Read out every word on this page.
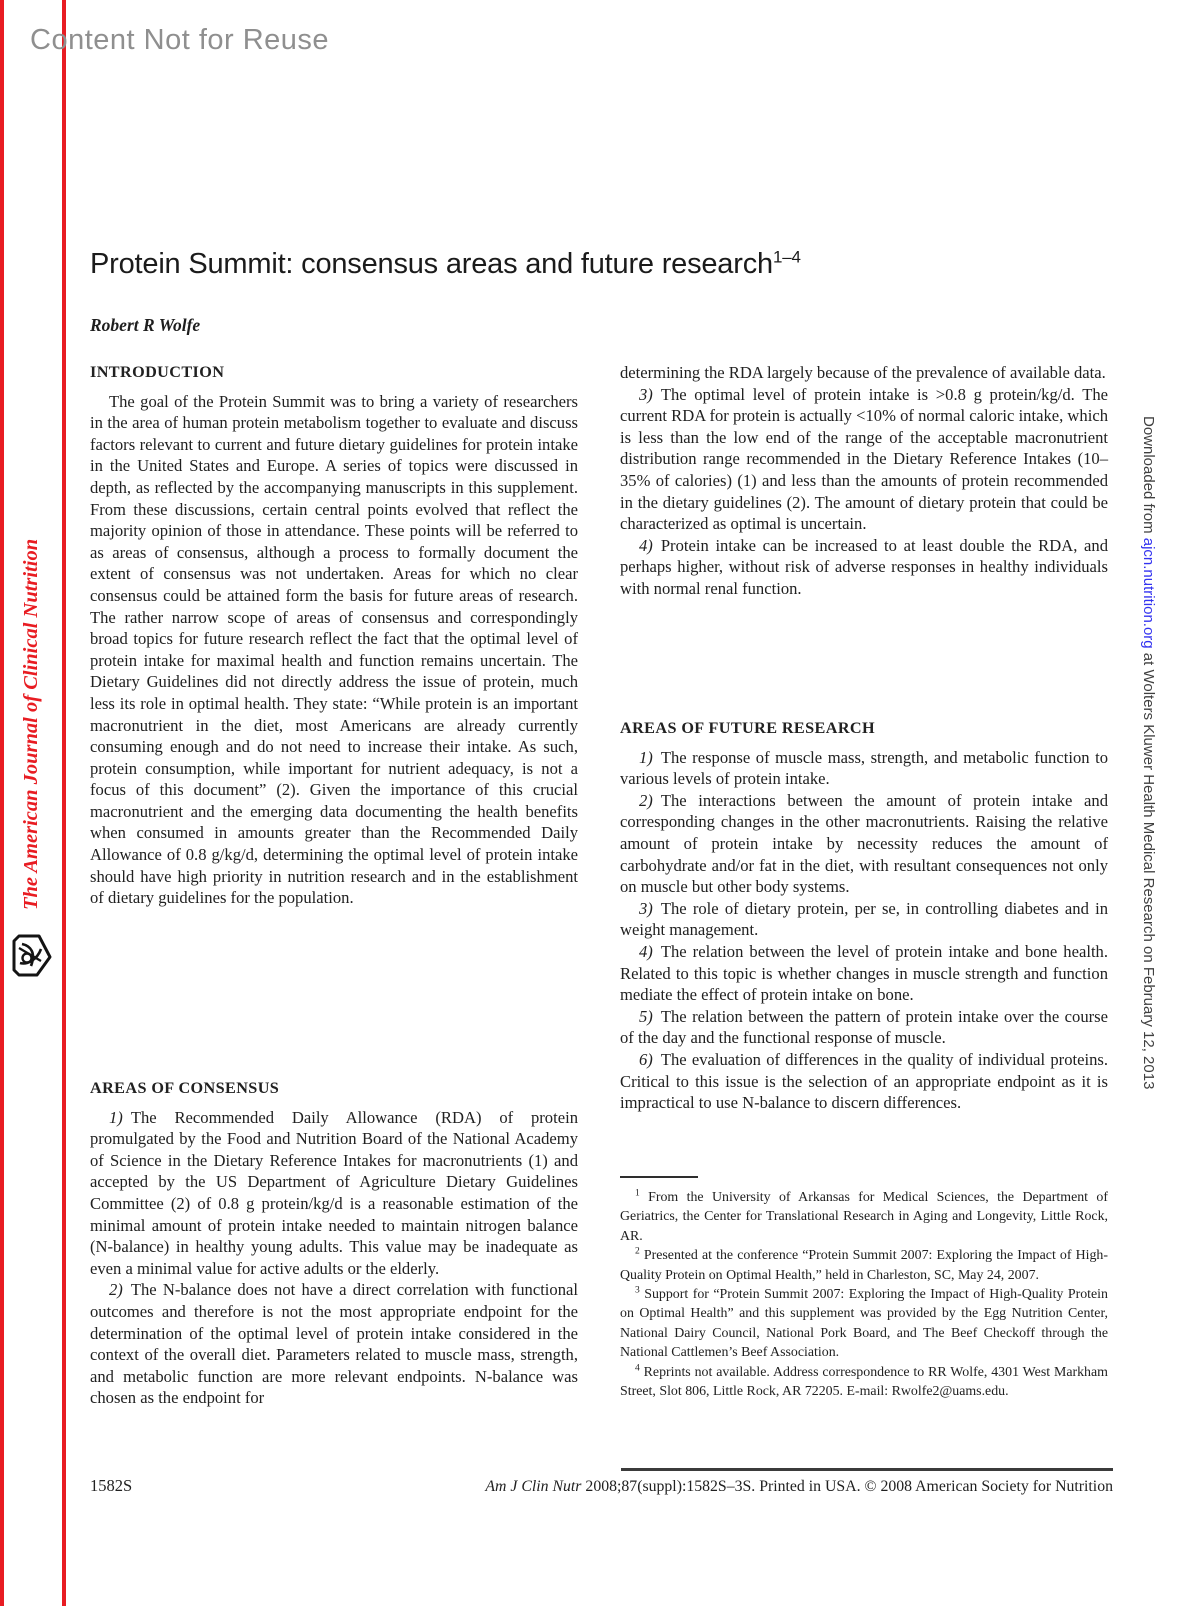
Content Not for Reuse
The American Journal of Clinical Nutrition
Downloaded from ajcn.nutrition.org at Wolters Kluwer Health Medical Research on February 12, 2013
Protein Summit: consensus areas and future research$^{1-4}$
Robert R Wolfe
INTRODUCTION

The goal of the Protein Summit was to bring a variety of researchers in the area of human protein metabolism together to evaluate and discuss factors relevant to current and future dietary guidelines for protein intake in the United States and Europe. A series of topics were discussed in depth, as reflected by the accompanying manuscripts in this supplement. From these discussions, certain central points evolved that reflect the majority opinion of those in attendance. These points will be referred to as areas of consensus, although a process to formally document the extent of consensus was not undertaken. Areas for which no clear consensus could be attained form the basis for future areas of research. The rather narrow scope of areas of consensus and correspondingly broad topics for future research reflect the fact that the optimal level of protein intake for maximal health and function remains uncertain. The Dietary Guidelines did not directly address the issue of protein, much less its role in optimal health. They state: “While protein is an important macronutrient in the diet, most Americans are already currently consuming enough and do not need to increase their intake. As such, protein consumption, while important for nutrient adequacy, is not a focus of this document” (2). Given the importance of this crucial macronutrient and the emerging data documenting the health benefits when consumed in amounts greater than the Recommended Daily Allowance of 0.8 g/kg/d, determining the optimal level of protein intake should have high priority in nutrition research and in the establishment of dietary guidelines for the population.

AREAS OF CONSENSUS

1) The Recommended Daily Allowance (RDA) of protein promulgated by the Food and Nutrition Board of the National Academy of Science in the Dietary Reference Intakes for macronutrients (1) and accepted by the US Department of Agriculture Dietary Guidelines Committee (2) of 0.8 g protein/kg/d is a reasonable estimation of the minimal amount of protein intake needed to maintain nitrogen balance (N-balance) in healthy young adults. This value may be inadequate as even a minimal value for active adults or the elderly.

2) The N-balance does not have a direct correlation with functional outcomes and therefore is not the most appropriate endpoint for the determination of the optimal level of protein intake considered in the context of the overall diet. Parameters related to muscle mass, strength, and metabolic function are more relevant endpoints. N-balance was chosen as the endpoint for

determining the RDA largely because of the prevalence of available data.

3) The optimal level of protein intake is >0.8 g protein/kg/d. The current RDA for protein is actually <10% of normal caloric intake, which is less than the low end of the range of the acceptable macronutrient distribution range recommended in the Dietary Reference Intakes (10–35% of calories) (1) and less than the amounts of protein recommended in the dietary guidelines (2). The amount of dietary protein that could be characterized as optimal is uncertain.

4) Protein intake can be increased to at least double the RDA, and perhaps higher, without risk of adverse responses in healthy individuals with normal renal function.

AREAS OF FUTURE RESEARCH

1) The response of muscle mass, strength, and metabolic function to various levels of protein intake.

2) The interactions between the amount of protein intake and corresponding changes in the other macronutrients. Raising the relative amount of protein intake by necessity reduces the amount of carbohydrate and/or fat in the diet, with resultant consequences not only on muscle but other body systems.

3) The role of dietary protein, per se, in controlling diabetes and in weight management.

4) The relation between the level of protein intake and bone health. Related to this topic is whether changes in muscle strength and function mediate the effect of protein intake on bone.

5) The relation between the pattern of protein intake over the course of the day and the functional response of muscle.

6) The evaluation of differences in the quality of individual proteins. Critical to this issue is the selection of an appropriate endpoint as it is impractical to use N-balance to discern differences.

$^1$ From the University of Arkansas for Medical Sciences, the Department of Geriatrics, the Center for Translational Research in Aging and Longevity, Little Rock, AR.

$^2$ Presented at the conference “Protein Summit 2007: Exploring the Impact of High-Quality Protein on Optimal Health,” held in Charleston, SC, May 24, 2007.

$^3$ Support for “Protein Summit 2007: Exploring the Impact of High-Quality Protein on Optimal Health” and this supplement was provided by the Egg Nutrition Center, National Dairy Council, National Pork Board, and The Beef Checkoff through the National Cattlemen’s Beef Association.

$^4$ Reprints not available. Address correspondence to RR Wolfe, 4301 West Markham Street, Slot 806, Little Rock, AR 72205. E-mail: Rwolfe2@uams.edu.

1582S	Am J Clin Nutr 2008;87(suppl):1582S–3S. Printed in USA. © 2008 American Society for Nutrition
